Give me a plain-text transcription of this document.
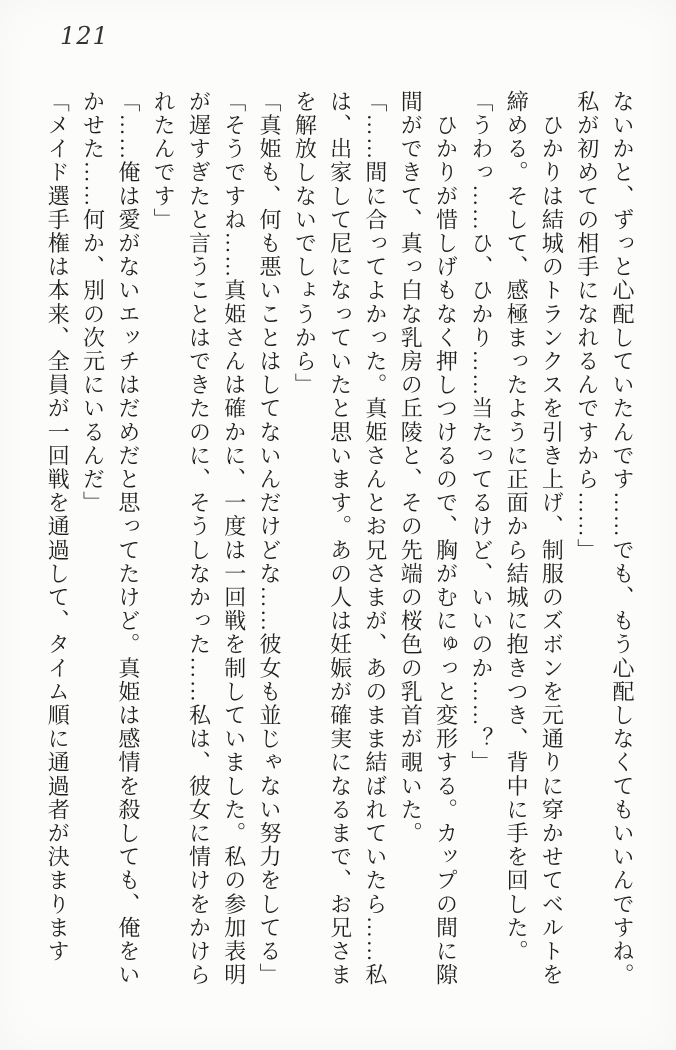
121
ないかと、ずっと心配していたんです……でも、もう心配しなくてもいいんですね。
私が初めての相手になれるんですから……」
　ひかりは結城のトランクスを引き上げ、制服のズボンを元通りに穿かせてベルトを
締める。そして、感極まったように正面から結城に抱きつき、背中に手を回した。
「うわっ……ひ、ひかり……当たってるけど、いいのか……？」
　ひかりが惜しげもなく押しつけるので、胸がむにゅっと変形する。カップの間に隙
間ができて、真っ白な乳房の丘陵と、その先端の桜色の乳首が覗いた。
「……間に合ってよかった。真姫さんとお兄さまが、あのまま結ばれていたら……私
は、出家して尼になっていたと思います。あの人は妊娠が確実になるまで、お兄さま
を解放しないでしょうから」
「真姫も、何も悪いことはしてないんだけどな……彼女も並じゃない努力をしてる」
「そうですね……真姫さんは確かに、一度は一回戦を制していました。私の参加表明
が遅すぎたと言うことはできたのに、そうしなかった……私は、彼女に情けをかけら
れたんです」
「……俺は愛がないエッチはだめだと思ってたけど。真姫は感情を殺しても、俺をい
かせた……何か、別の次元にいるんだ」
「メイド選手権は本来、全員が一回戦を通過して、タイム順に通過者が決まります
